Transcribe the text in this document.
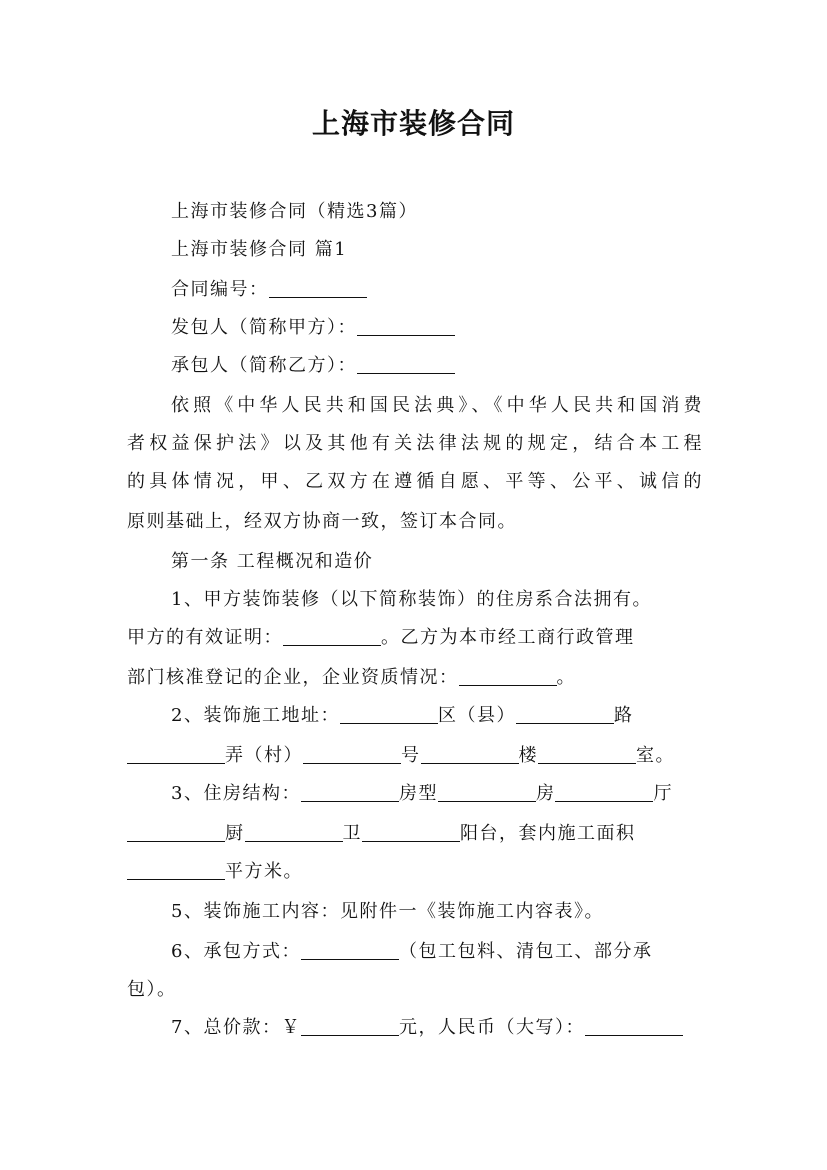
上海市装修合同
上海市装修合同（精选3篇）
上海市装修合同 篇1
合同编号：
发包人（简称甲方）：
承包人（简称乙方）：
依照《中华人民共和国民法典》、《中华人民共和国消费
者权益保护法》以及其他有关法律法规的规定，结合本工程
的具体情况，甲、乙双方在遵循自愿、平等、公平、诚信的
原则基础上，经双方协商一致，签订本合同。
第一条 工程概况和造价
1、甲方装饰装修（以下简称装饰）的住房系合法拥有。
甲方的有效证明：	。乙方为本市经工商行政管理
部门核准登记的企业，企业资质情况：	。
2、装饰施工地址：	区（县）	路
弄（村）	号	楼	室。
3、住房结构：	房型	房	厅
厨	卫	阳台，套内施工面积
平方米。
5、装饰施工内容：见附件一《装饰施工内容表》。
6、承包方式：	（包工包料、清包工、部分承
包）。
7、总价款：￥	元，人民币（大写）：
